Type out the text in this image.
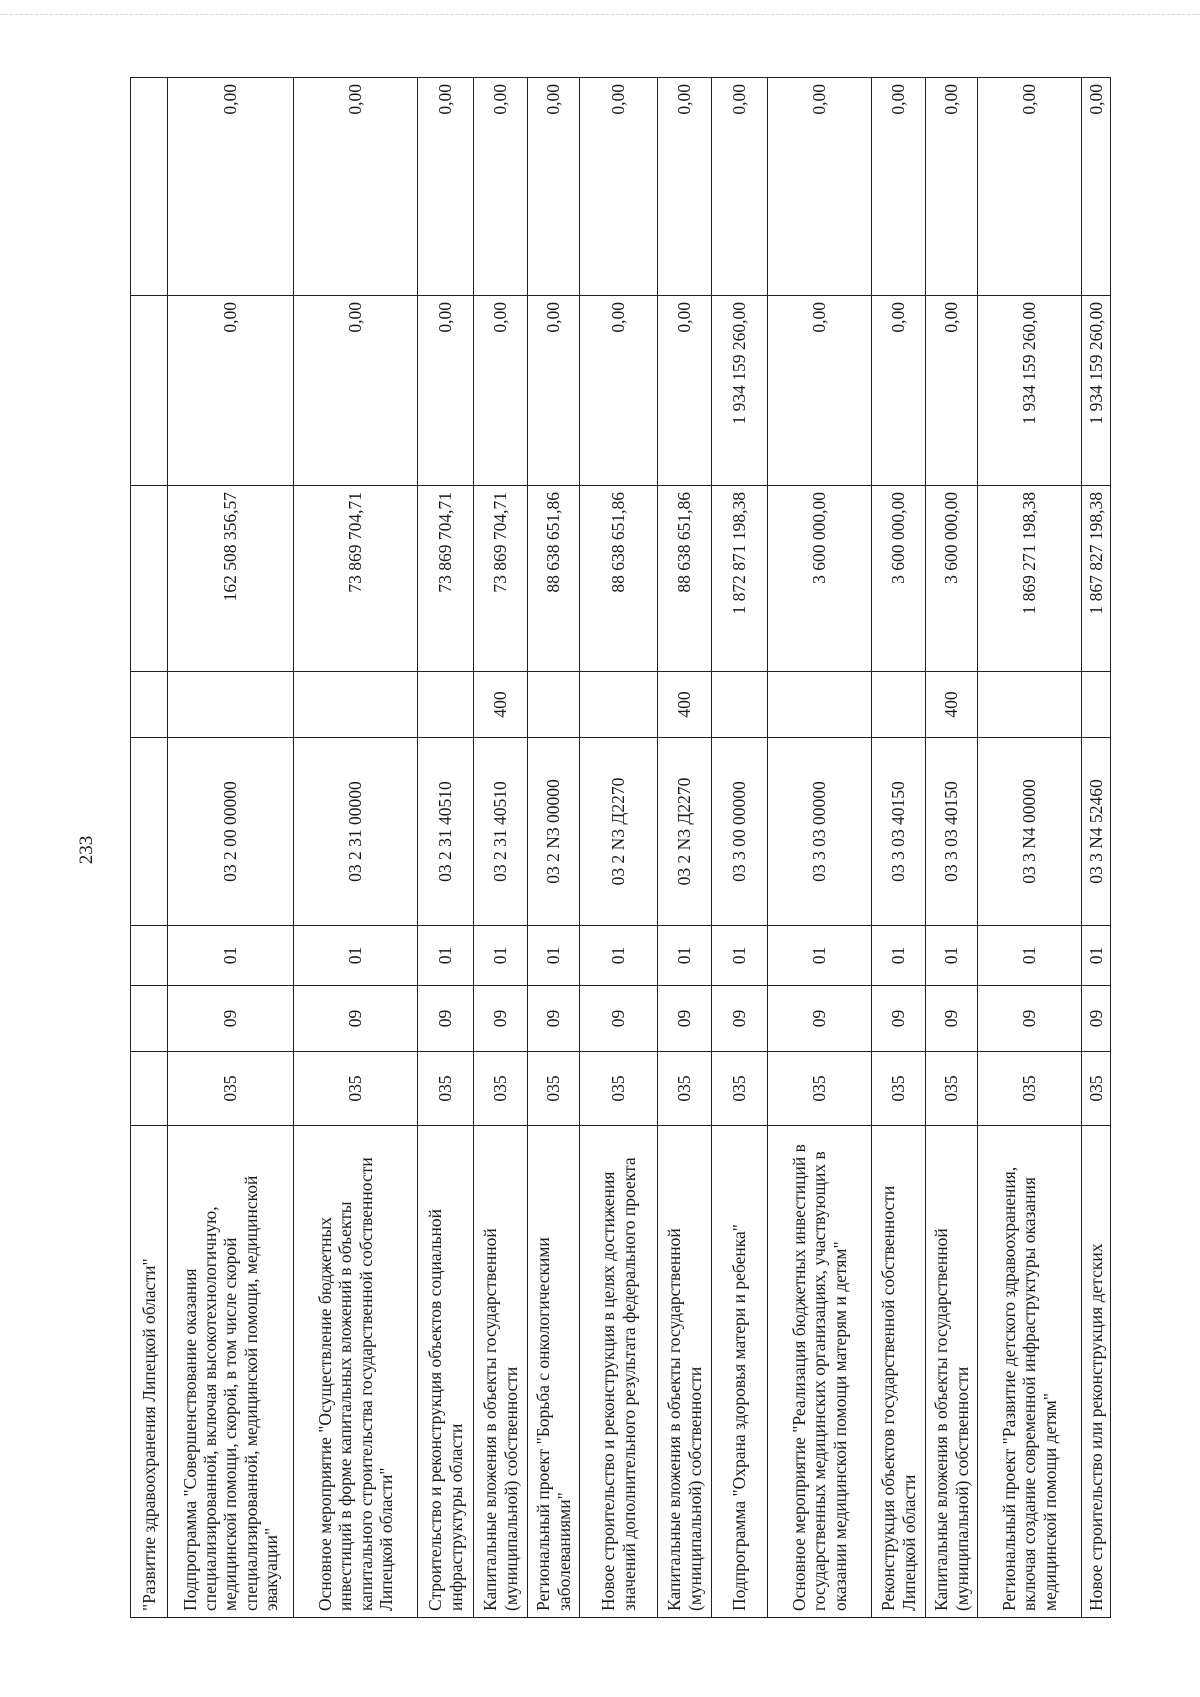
233
"Развитие здравоохранения Липецкой области"								
Подпрограмма "Совершенствование оказания специализированной, включая высокотехнологичную, медицинской помощи, скорой, в том числе скорой специализированной, медицинской помощи, медицинской эвакуации"	035	09	01	03 2 00 00000		162 508 356,57	0,00	0,00
Основное мероприятие "Осуществление бюджетных инвестиций в форме капитальных вложений в объекты капитального строительства государственной собственности Липецкой области"	035	09	01	03 2 31 00000		73 869 704,71	0,00	0,00
Строительство и реконструкция объектов социальной инфраструктуры области	035	09	01	03 2 31 40510		73 869 704,71	0,00	0,00
Капитальные вложения в объекты государственной (муниципальной) собственности	035	09	01	03 2 31 40510	400	73 869 704,71	0,00	0,00
Региональный проект "Борьба с онкологическими заболеваниями"	035	09	01	03 2 N3 00000		88 638 651,86	0,00	0,00
Новое строительство и реконструкция в целях достижения значений дополнительного результата федерального проекта	035	09	01	03 2 N3 Д2270		88 638 651,86	0,00	0,00
Капитальные вложения в объекты государственной (муниципальной) собственности	035	09	01	03 2 N3 Д2270	400	88 638 651,86	0,00	0,00
Подпрограмма "Охрана здоровья матери и ребенка"	035	09	01	03 3 00 00000		1 872 871 198,38	1 934 159 260,00	0,00
Основное мероприятие "Реализация бюджетных инвестиций в государственных медицинских организациях, участвующих в оказании медицинской помощи матерям и детям"	035	09	01	03 3 03 00000		3 600 000,00	0,00	0,00
Реконструкция объектов государственной собственности Липецкой области	035	09	01	03 3 03 40150		3 600 000,00	0,00	0,00
Капитальные вложения в объекты государственной (муниципальной) собственности	035	09	01	03 3 03 40150	400	3 600 000,00	0,00	0,00
Региональный проект "Развитие детского здравоохранения, включая создание современной инфраструктуры оказания медицинской помощи детям"	035	09	01	03 3 N4 00000		1 869 271 198,38	1 934 159 260,00	0,00
Новое строительство или реконструкция детских	035	09	01	03 3 N4 52460		1 867 827 198,38	1 934 159 260,00	0,00
